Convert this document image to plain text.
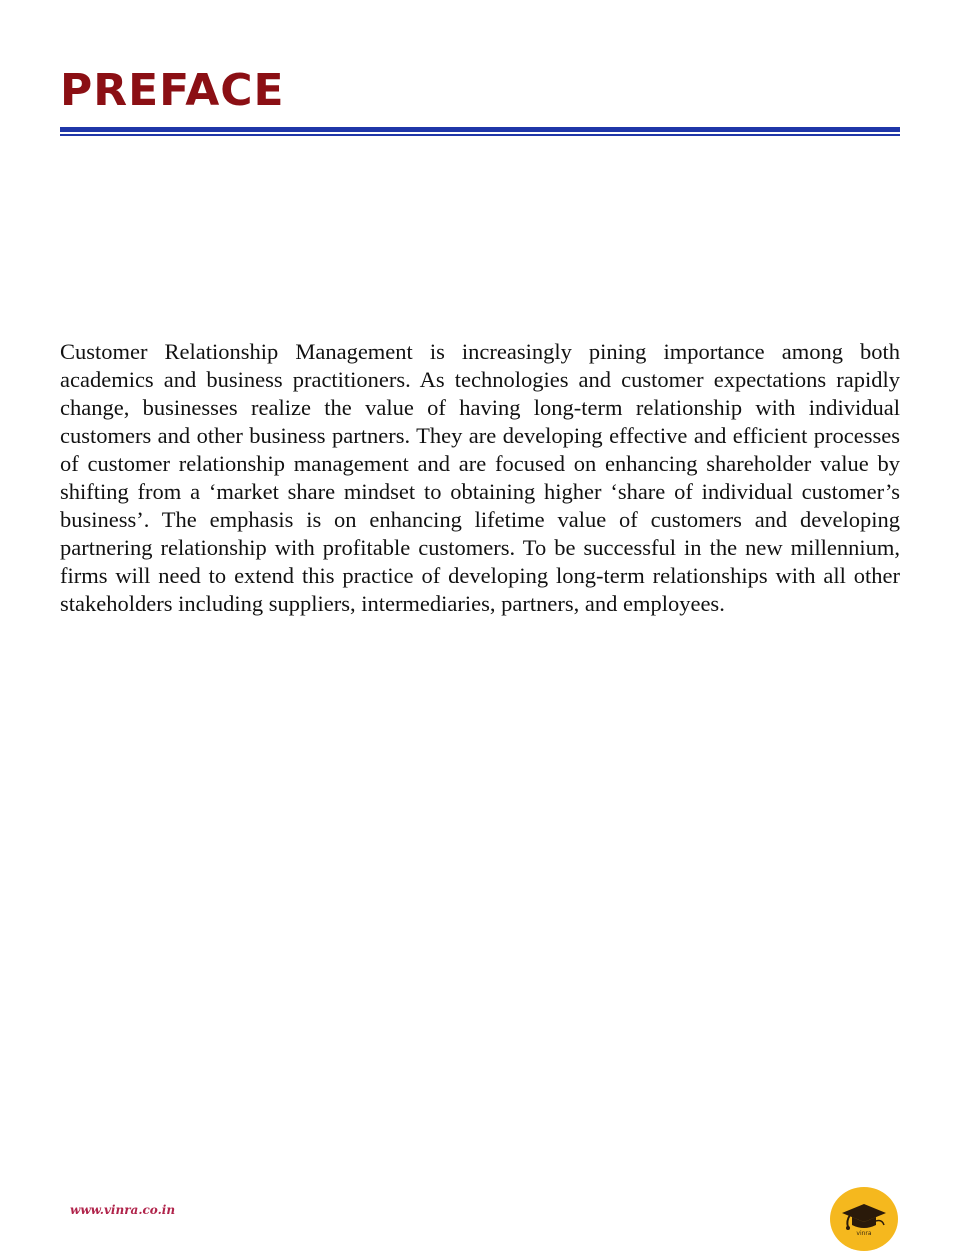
PREFACE

Customer Relationship Management is increasingly pining importance among both academics and business practitioners. As technologies and customer expectations rapidly change, businesses realize the value of having long-term relationship with individual customers and other business partners. They are developing effective and efficient processes of customer relationship management and are focused on enhancing shareholder value by shifting from a ‘market share mindset to obtaining higher ‘share of individual customer’s business’. The emphasis is on enhancing lifetime value of customers and developing partnering relationship with profitable customers. To be successful in the new millennium, firms will need to extend this practice of developing long-term relationships with all other stakeholders including suppliers, intermediaries, partners, and employees.

www.vinra.co.in
vinra
